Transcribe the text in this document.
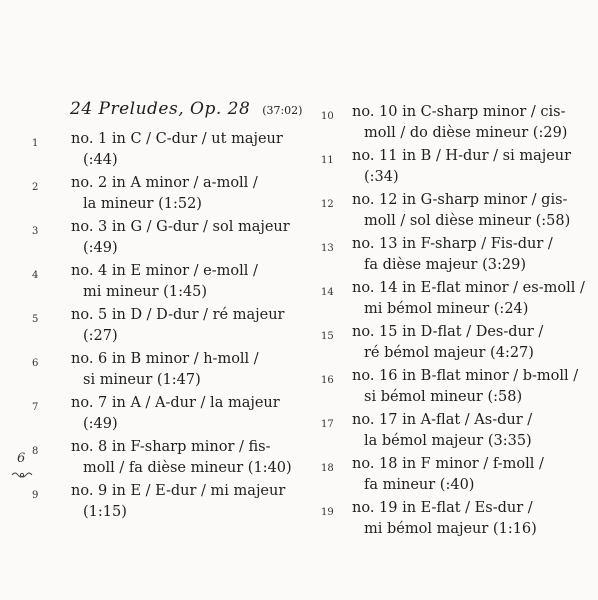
24 Preludes, Op. 28 (37:02)
1 no. 1 in C / C-dur / ut majeur
(:44)
2 no. 2 in A minor / a-moll /
la mineur (1:52)
3 no. 3 in G / G-dur / sol majeur
(:49)
4 no. 4 in E minor / e-moll /
mi mineur (1:45)
5 no. 5 in D / D-dur / ré majeur
(:27)
6 no. 6 in B minor / h-moll /
si mineur (1:47)
7 no. 7 in A / A-dur / la majeur
(:49)
8 no. 8 in F-sharp minor / fis-
moll / fa dièse mineur (1:40)
9 no. 9 in E / E-dur / mi majeur
(1:15)
10 no. 10 in C-sharp minor / cis-
moll / do dièse mineur (:29)
11 no. 11 in B / H-dur / si majeur
(:34)
12 no. 12 in G-sharp minor / gis-
moll / sol dièse mineur (:58)
13 no. 13 in F-sharp / Fis-dur /
fa dièse majeur (3:29)
14 no. 14 in E-flat minor / es-moll /
mi bémol mineur (:24)
15 no. 15 in D-flat / Des-dur /
ré bémol majeur (4:27)
16 no. 16 in B-flat minor / b-moll /
si bémol mineur (:58)
17 no. 17 in A-flat / As-dur /
la bémol majeur (3:35)
18 no. 18 in F minor / f-moll /
fa mineur (:40)
19 no. 19 in E-flat / Es-dur /
mi bémol majeur (1:16)
6
